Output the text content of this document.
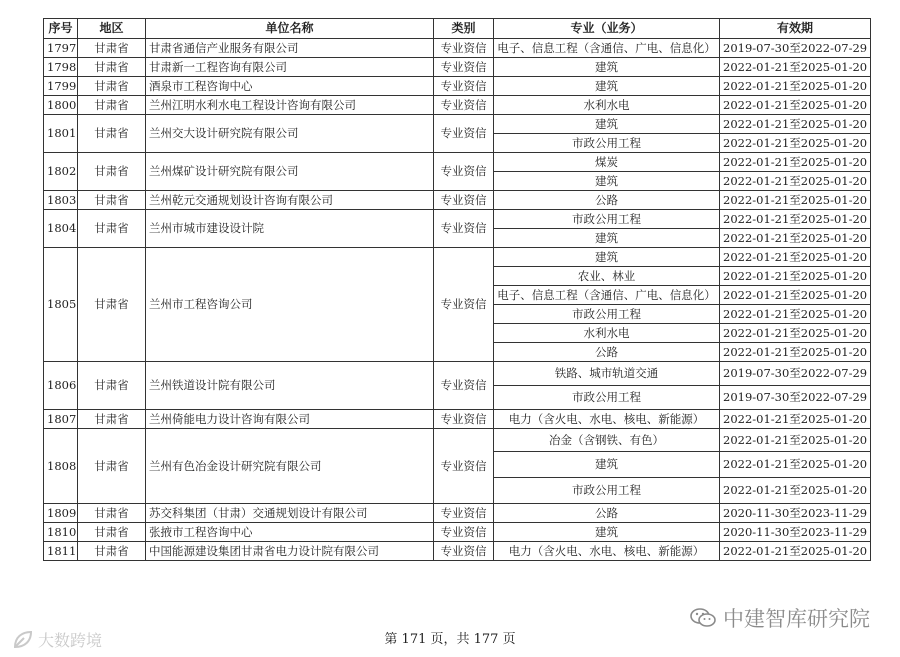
序号	地区	单位名称	类别	专业（业务）	有效期
1797	甘肃省	甘肃省通信产业服务有限公司	专业资信	电子、信息工程（含通信、广电、信息化）	2019-07-30至2022-07-29
1798	甘肃省	甘肃新一工程咨询有限公司	专业资信	建筑	2022-01-21至2025-01-20
1799	甘肃省	酒泉市工程咨询中心	专业资信	建筑	2022-01-21至2025-01-20
1800	甘肃省	兰州江明水利水电工程设计咨询有限公司	专业资信	水利水电	2022-01-21至2025-01-20
1801	甘肃省	兰州交大设计研究院有限公司	专业资信	建筑	2022-01-21至2025-01-20
				市政公用工程	2022-01-21至2025-01-20
1802	甘肃省	兰州煤矿设计研究院有限公司	专业资信	煤炭	2022-01-21至2025-01-20
				建筑	2022-01-21至2025-01-20
1803	甘肃省	兰州乾元交通规划设计咨询有限公司	专业资信	公路	2022-01-21至2025-01-20
1804	甘肃省	兰州市城市建设设计院	专业资信	市政公用工程	2022-01-21至2025-01-20
				建筑	2022-01-21至2025-01-20
1805	甘肃省	兰州市工程咨询公司	专业资信	建筑	2022-01-21至2025-01-20
				农业、林业	2022-01-21至2025-01-20
				电子、信息工程（含通信、广电、信息化）	2022-01-21至2025-01-20
				市政公用工程	2022-01-21至2025-01-20
				水利水电	2022-01-21至2025-01-20
				公路	2022-01-21至2025-01-20
1806	甘肃省	兰州铁道设计院有限公司	专业资信	铁路、城市轨道交通	2019-07-30至2022-07-29
				市政公用工程	2019-07-30至2022-07-29
1807	甘肃省	兰州倚能电力设计咨询有限公司	专业资信	电力（含火电、水电、核电、新能源）	2022-01-21至2025-01-20
1808	甘肃省	兰州有色冶金设计研究院有限公司	专业资信	冶金（含钢铁、有色）	2022-01-21至2025-01-20
				建筑	2022-01-21至2025-01-20
				市政公用工程	2022-01-21至2025-01-20
1809	甘肃省	苏交科集团（甘肃）交通规划设计有限公司	专业资信	公路	2020-11-30至2023-11-29
1810	甘肃省	张掖市工程咨询中心	专业资信	建筑	2020-11-30至2023-11-29
1811	甘肃省	中国能源建设集团甘肃省电力设计院有限公司	专业资信	电力（含火电、水电、核电、新能源）	2022-01-21至2025-01-20
第 171 页，共 177 页
大数跨境
中建智库研究院
